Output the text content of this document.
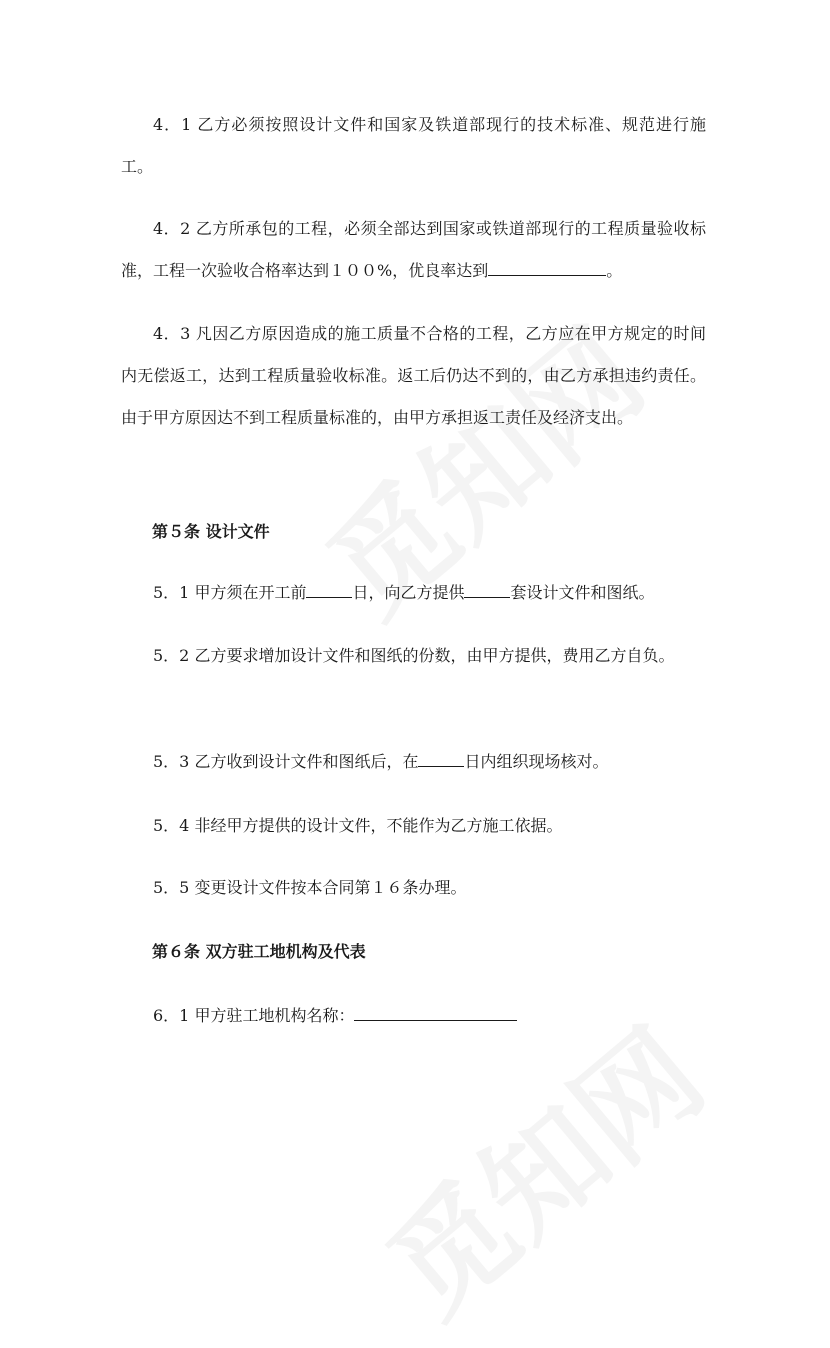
4．1 乙方必须按照设计文件和国家及铁道部现行的技术标准、规范进行施工。

4．2 乙方所承包的工程，必须全部达到国家或铁道部现行的工程质量验收标准，工程一次验收合格率达到１００%，优良率达到	。

4．3 凡因乙方原因造成的施工质量不合格的工程，乙方应在甲方规定的时间内无偿返工，达到工程质量验收标准。返工后仍达不到的，由乙方承担违约责任。由于甲方原因达不到工程质量标准的，由甲方承担返工责任及经济支出。

第５条 设计文件

5．1 甲方须在开工前	日，向乙方提供	套设计文件和图纸。

5．2 乙方要求增加设计文件和图纸的份数，由甲方提供，费用乙方自负。

5．3 乙方收到设计文件和图纸后，在	日内组织现场核对。

5．4 非经甲方提供的设计文件，不能作为乙方施工依据。

5．5 变更设计文件按本合同第１６条办理。

第６条 双方驻工地机构及代表

6．1 甲方驻工地机构名称：
